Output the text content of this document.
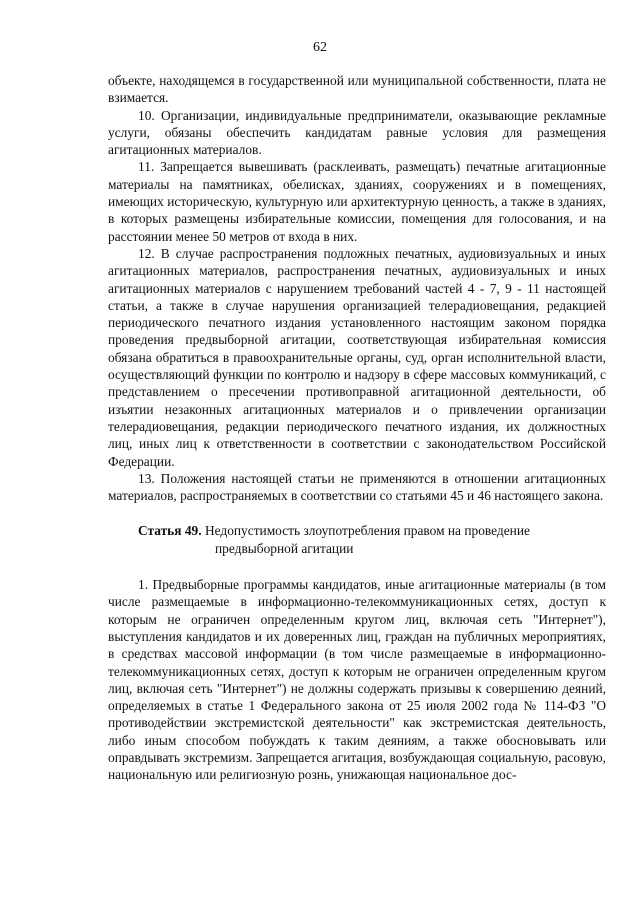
62

объекте, находящемся в государственной или муниципальной собственности, плата не взимается.

10. Организации, индивидуальные предприниматели, оказывающие рекламные услуги, обязаны обеспечить кандидатам равные условия для размещения агитационных материалов.

11. Запрещается вывешивать (расклеивать, размещать) печатные агитационные материалы на памятниках, обелисках, зданиях, сооружениях и в помещениях, имеющих историческую, культурную или архитектурную ценность, а также в зданиях, в которых размещены избирательные комиссии, помещения для голосования, и на расстоянии менее 50 метров от входа в них.

12. В случае распространения подложных печатных, аудиовизуальных и иных агитационных материалов, распространения печатных, аудиовизуальных и иных агитационных материалов с нарушением требований частей 4 - 7, 9 - 11 настоящей статьи, а также в случае нарушения организацией телерадиовещания, редакцией периодического печатного издания установленного настоящим законом порядка проведения предвыборной агитации, соответствующая избирательная комиссия обязана обратиться в правоохранительные органы, суд, орган исполнительной власти, осуществляющий функции по контролю и надзору в сфере массовых коммуникаций, с представлением о пресечении противоправной агитационной деятельности, об изъятии незаконных агитационных материалов и о привлечении организации телерадиовещания, редакции периодического печатного издания, их должностных лиц, иных лиц к ответственности в соответствии с законодательством Российской Федерации.

13. Положения настоящей статьи не применяются в отношении агитационных материалов, распространяемых в соответствии со статьями 45 и 46 настоящего закона.

Статья 49. Недопустимость злоупотребления правом на проведение
предвыборной агитации

1. Предвыборные программы кандидатов, иные агитационные материалы (в том числе размещаемые в информационно-телекоммуникационных сетях, доступ к которым не ограничен определенным кругом лиц, включая сеть "Интернет"), выступления кандидатов и их доверенных лиц, граждан на публичных мероприятиях, в средствах массовой информации (в том числе размещаемые в информационно-телекоммуникационных сетях, доступ к которым не ограничен определенным кругом лиц, включая сеть "Интернет") не должны содержать призывы к совершению деяний, определяемых в статье 1 Федерального закона от 25 июля 2002 года № 114-ФЗ "О противодействии экстремистской деятельности" как экстремистская деятельность, либо иным способом побуждать к таким деяниям, а также обосновывать или оправдывать экстремизм. Запрещается агитация, возбуждающая социальную, расовую, национальную или религиозную рознь, унижающая национальное дос-
